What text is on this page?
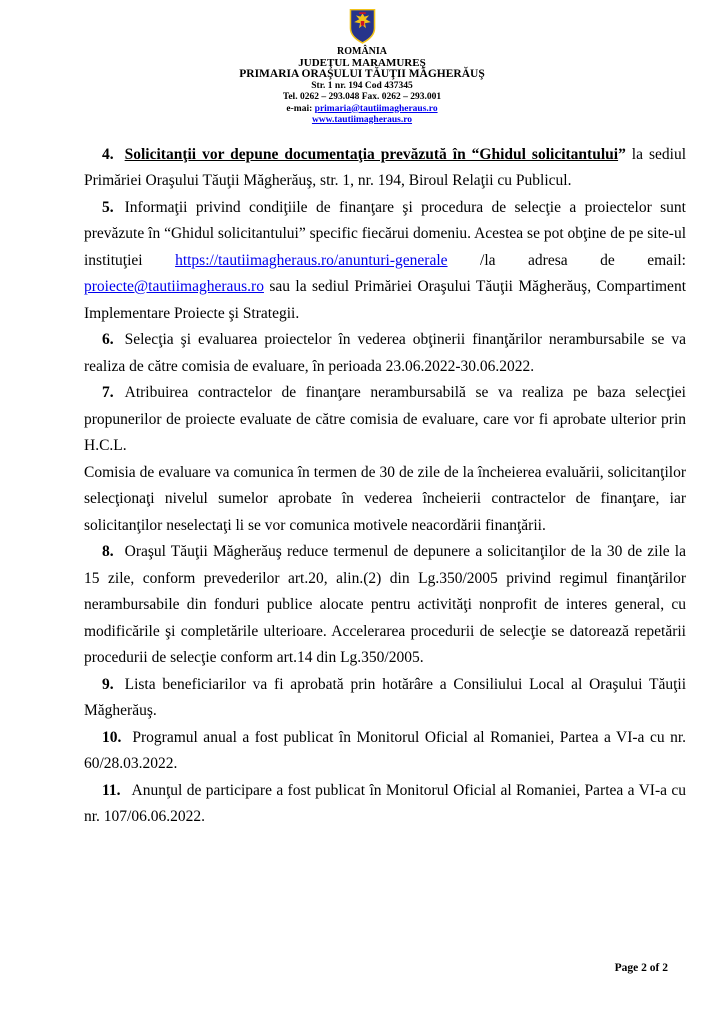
ROMÂNIA
JUDEŢUL MARAMUREŞ
PRIMARIA ORAŞULUI TĂUŢII MĂGHERĂUŞ
Str. 1 nr. 194 Cod 437345
Tel. 0262 – 293.048 Fax. 0262 – 293.001
e-mai: primaria@tautiimagheraus.ro
www.tautiimagheraus.ro

4. Solicitanţii vor depune documentaţia prevăzută în “Ghidul solicitantului” la sediul Primăriei Oraşului Tăuţii Măgherăuş, str. 1, nr. 194, Biroul Relaţii cu Publicul.

5. Informaţii privind condiţiile de finanţare şi procedura de selecţie a proiectelor sunt prevăzute în “Ghidul solicitantului” specific fiecărui domeniu. Acestea se pot obţine de pe site-ul instituţiei https://tautiimagheraus.ro/anunturi-generale /la adresa de email: proiecte@tautiimagheraus.ro sau la sediul Primăriei Oraşului Tăuţii Măgherăuş, Compartiment Implementare Proiecte şi Strategii.

6. Selecţia şi evaluarea proiectelor în vederea obţinerii finanţărilor nerambursabile se va realiza de către comisia de evaluare, în perioada 23.06.2022-30.06.2022.

7. Atribuirea contractelor de finanţare nerambursabilă se va realiza pe baza selecţiei propunerilor de proiecte evaluate de către comisia de evaluare, care vor fi aprobate ulterior prin H.C.L.

Comisia de evaluare va comunica în termen de 30 de zile de la încheierea evaluării, solicitanţilor selecţionaţi nivelul sumelor aprobate în vederea încheierii contractelor de finanţare, iar solicitanţilor neselectaţi li se vor comunica motivele neacordării finanţării.

8. Oraşul Tăuţii Măgherăuş reduce termenul de depunere a solicitanţilor de la 30 de zile la 15 zile, conform prevederilor art.20, alin.(2) din Lg.350/2005 privind regimul finanţărilor nerambursabile din fonduri publice alocate pentru activităţi nonprofit de interes general, cu modificările şi completările ulterioare. Accelerarea procedurii de selecţie se datorează repetării procedurii de selecţie conform art.14 din Lg.350/2005.

9. Lista beneficiarilor va fi aprobată prin hotărâre a Consiliului Local al Oraşului Tăuţii Măgherăuş.

10. Programul anual a fost publicat în Monitorul Oficial al Romaniei, Partea a VI-a cu nr. 60/28.03.2022.

11. Anunţul de participare a fost publicat în Monitorul Oficial al Romaniei, Partea a VI-a cu nr. 107/06.06.2022.

Page 2 of 2
